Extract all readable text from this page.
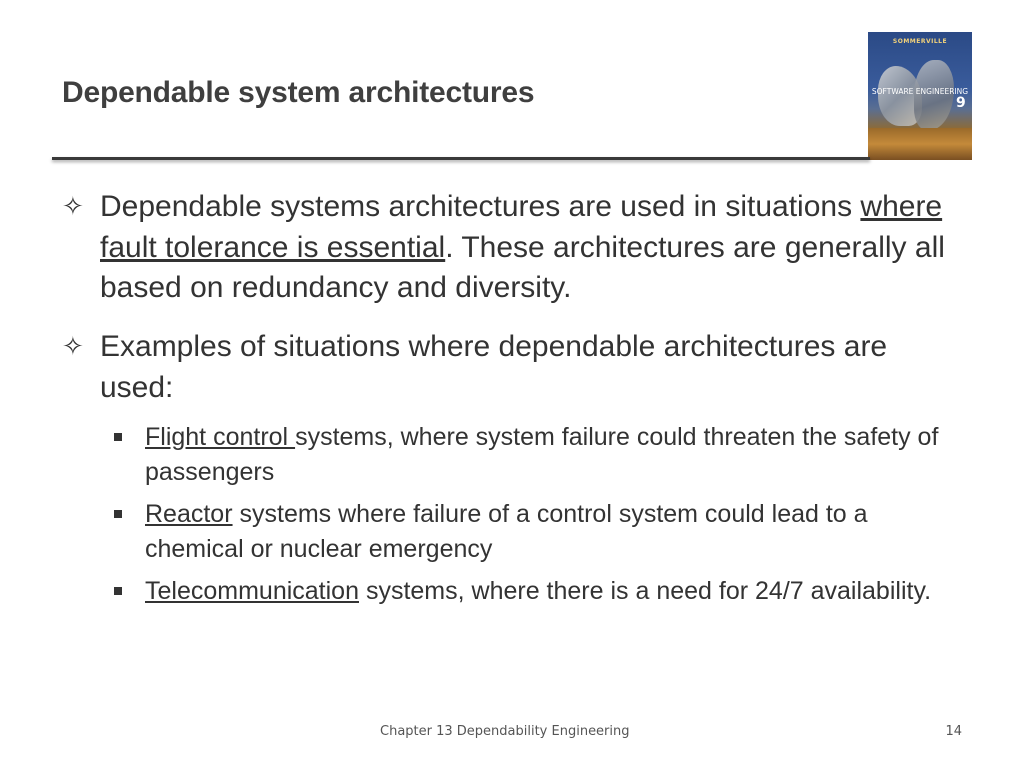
Dependable system architectures
SOMMERVILLE
SOFTWARE ENGINEERING
9
✧ Dependable systems architectures are used in situations where fault tolerance is essential. These architectures are generally all based on redundancy and diversity.
✧ Examples of situations where dependable architectures are used:
Flight control systems, where system failure could threaten the safety of passengers
Reactor systems where failure of a control system could lead to a chemical or nuclear emergency
Telecommunication systems, where there is a need for 24/7 availability.
Chapter 13 Dependability Engineering	14
